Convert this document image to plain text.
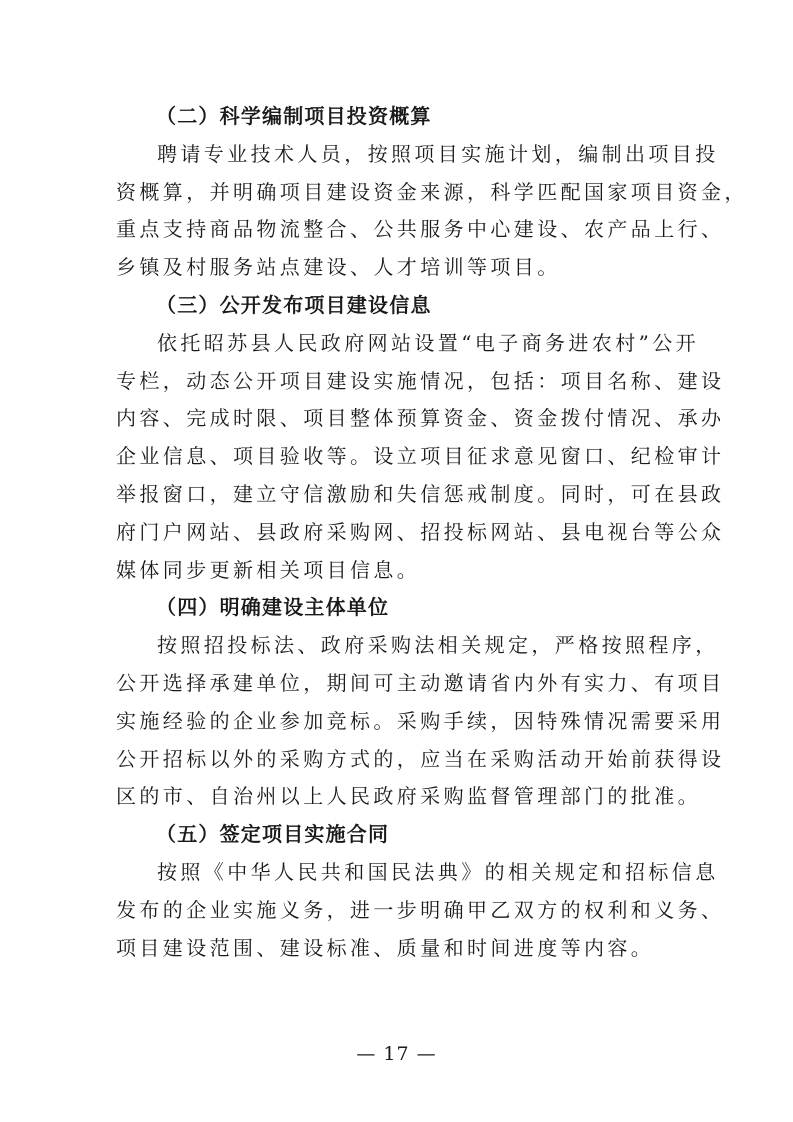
（二）科学编制项目投资概算
聘请专业技术人员，按照项目实施计划，编制出项目投
资概算，并明确项目建设资金来源，科学匹配国家项目资金，
重点支持商品物流整合、公共服务中心建设、农产品上行、
乡镇及村服务站点建设、人才培训等项目。
（三）公开发布项目建设信息
依托昭苏县人民政府网站设置“电子商务进农村”公开
专栏，动态公开项目建设实施情况，包括：项目名称、建设
内容、完成时限、项目整体预算资金、资金拨付情况、承办
企业信息、项目验收等。设立项目征求意见窗口、纪检审计
举报窗口，建立守信激励和失信惩戒制度。同时，可在县政
府门户网站、县政府采购网、招投标网站、县电视台等公众
媒体同步更新相关项目信息。
（四）明确建设主体单位
按照招投标法、政府采购法相关规定，严格按照程序，
公开选择承建单位，期间可主动邀请省内外有实力、有项目
实施经验的企业参加竞标。采购手续，因特殊情况需要采用
公开招标以外的采购方式的，应当在采购活动开始前获得设
区的市、自治州以上人民政府采购监督管理部门的批准。
（五）签定项目实施合同
按照《中华人民共和国民法典》的相关规定和招标信息
发布的企业实施义务，进一步明确甲乙双方的权利和义务、
项目建设范围、建设标准、质量和时间进度等内容。
— 17 —
